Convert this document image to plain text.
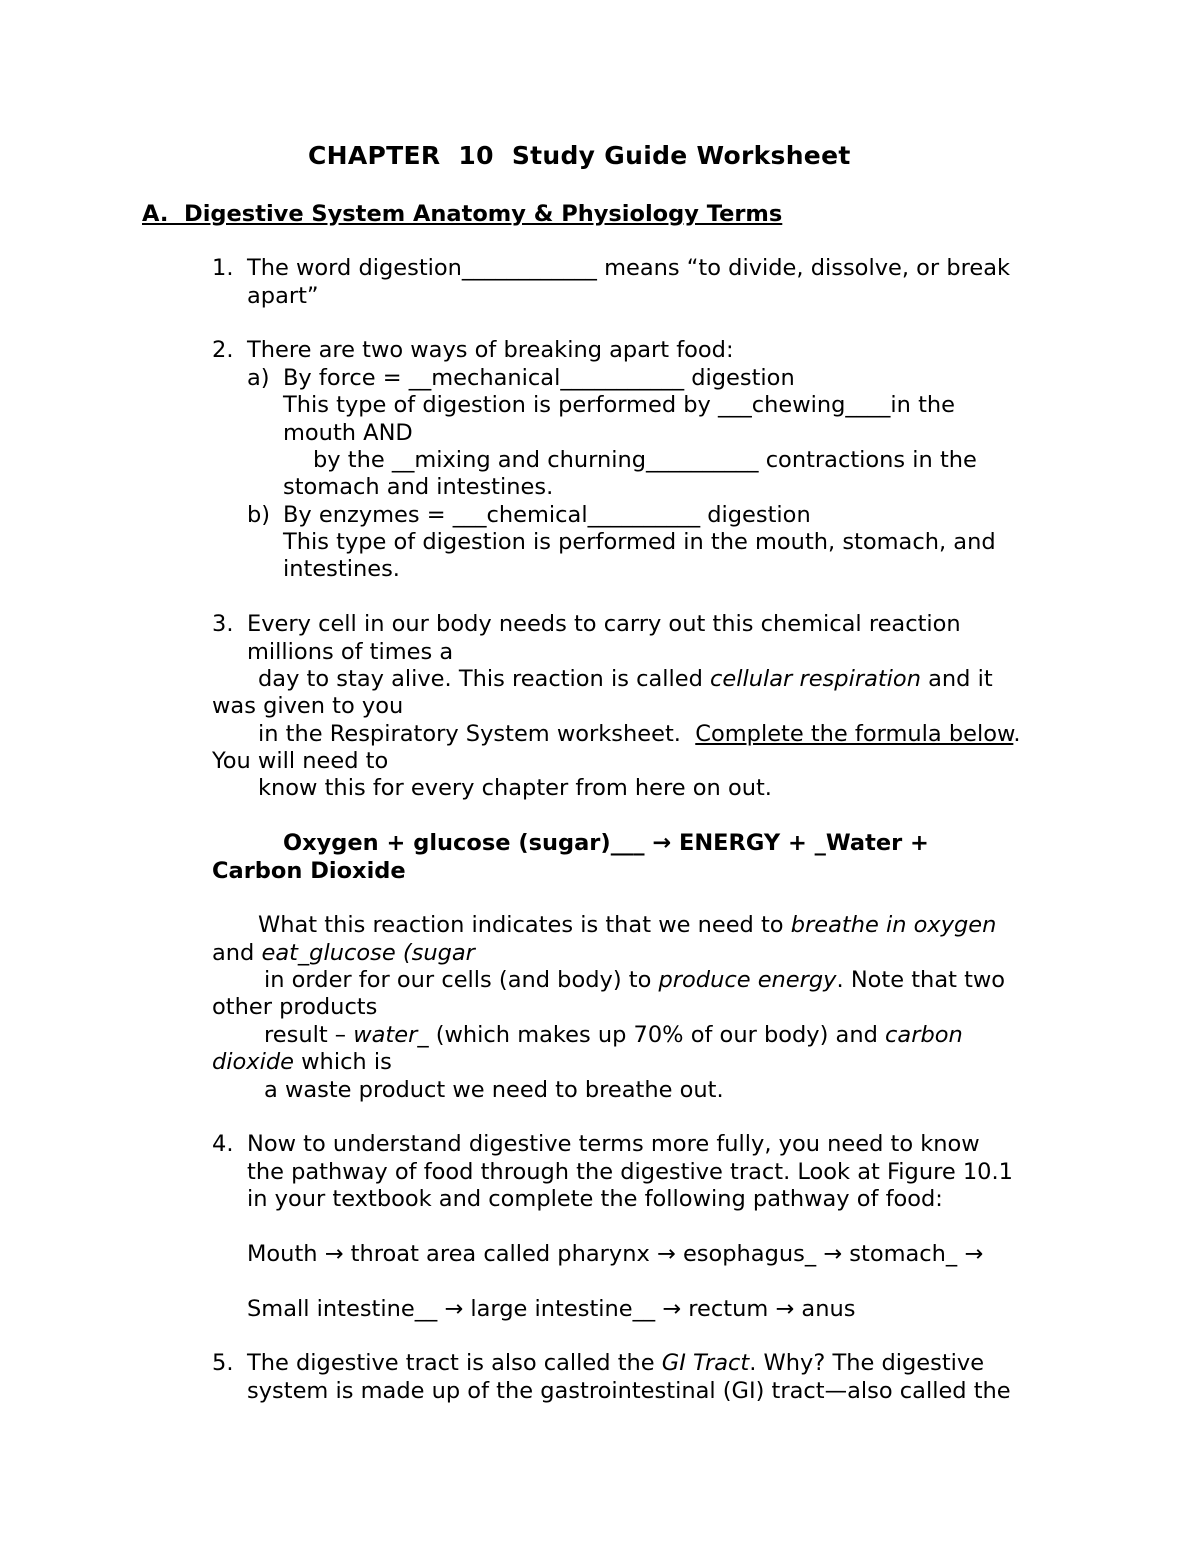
CHAPTER  10  Study Guide Worksheet
A.  Digestive System Anatomy & Physiology Terms
1. The word digestion____________ means “to divide, dissolve, or break
apart”
2. There are two ways of breaking apart food:
a) By force = __mechanical___________ digestion
This type of digestion is performed by ___chewing____in the
mouth AND
by the __mixing and churning__________ contractions in the
stomach and intestines.
b) By enzymes = ___chemical__________ digestion
This type of digestion is performed in the mouth, stomach, and
intestines.
3. Every cell in our body needs to carry out this chemical reaction
millions of times a
day to stay alive. This reaction is called cellular respiration and it
was given to you
in the Respiratory System worksheet.  Complete the formula below.
You will need to
know this for every chapter from here on out.
Oxygen + glucose (sugar)___ → ENERGY + _Water +
Carbon Dioxide
What this reaction indicates is that we need to breathe in oxygen
and eat_glucose (sugar
in order for our cells (and body) to produce energy. Note that two
other products
result – water_ (which makes up 70% of our body) and carbon
dioxide which is
a waste product we need to breathe out.
4. Now to understand digestive terms more fully, you need to know
the pathway of food through the digestive tract. Look at Figure 10.1
in your textbook and complete the following pathway of food:
Mouth → throat area called pharynx → esophagus_ → stomach_ →
Small intestine__ → large intestine__ → rectum → anus
5. The digestive tract is also called the GI Tract. Why? The digestive
system is made up of the gastrointestinal (GI) tract—also called the
